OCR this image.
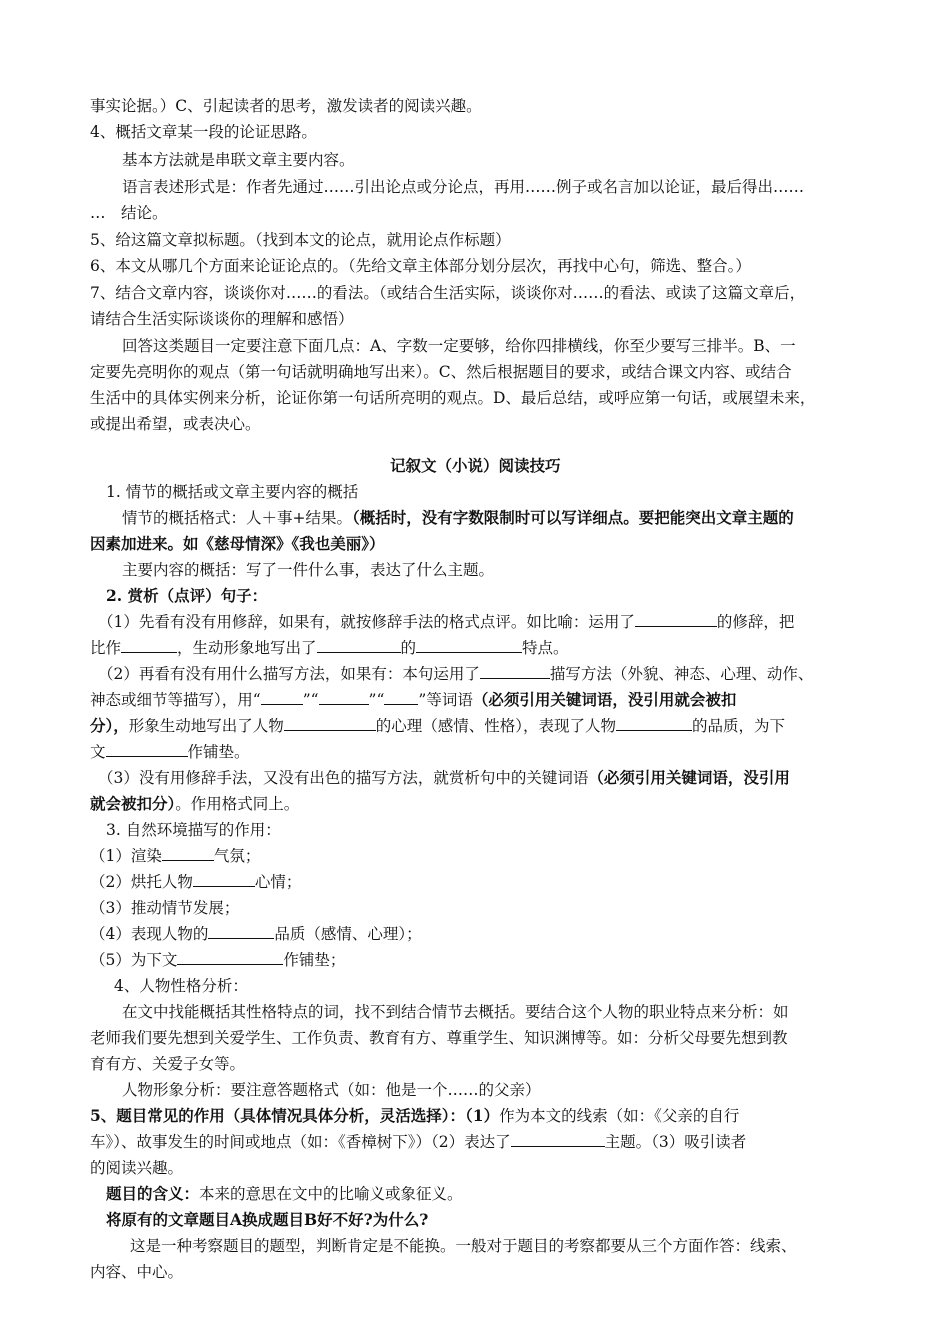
事实论据。）C、引起读者的思考，激发读者的阅读兴趣。
4、概括文章某一段的论证思路。
基本方法就是串联文章主要内容。
语言表述形式是：作者先通过……引出论点或分论点，再用……例子或名言加以论证，最后得出……
…　结论。
5、给这篇文章拟标题。（找到本文的论点，就用论点作标题）
6、本文从哪几个方面来论证论点的。（先给文章主体部分划分层次，再找中心句，筛选、整合。）
7、结合文章内容，谈谈你对……的看法。（或结合生活实际，谈谈你对……的看法、或读了这篇文章后，
请结合生活实际谈谈你的理解和感悟）
回答这类题目一定要注意下面几点：A、字数一定要够，给你四排横线，你至少要写三排半。B、一
定要先亮明你的观点（第一句话就明确地写出来）。C、然后根据题目的要求，或结合课文内容、或结合
生活中的具体实例来分析，论证你第一句话所亮明的观点。D、最后总结，或呼应第一句话，或展望未来，
或提出希望，或表决心。
记叙文（小说）阅读技巧
1. 情节的概括或文章主要内容的概括
情节的概括格式：人＋事+结果。（概括时，没有字数限制时可以写详细点。要把能突出文章主题的
因素加进来。如《慈母情深》《我也美丽》）
主要内容的概括：写了一件什么事，表达了什么主题。
2. 赏析（点评）句子：
（1）先看有没有用修辞，如果有，就按修辞手法的格式点评。如比喻：运用了	的修辞，把
比作	，生动形象地写出了	的	特点。
（2）再看有没有用什么描写方法，如果有：本句运用了	描写方法（外貌、神态、心理、动作、
神态或细节等描写），用“	”“	”“ ”等词语（必须引用关键词语，没引用就会被扣
分），形象生动地写出了人物	的心理（感情、性格），表现了人物	的品质，为下
文	作铺垫。
（3）没有用修辞手法，又没有出色的描写方法，就赏析句中的关键词语（必须引用关键词语，没引用
就会被扣分）。作用格式同上。
3. 自然环境描写的作用：
（1）渲染	气氛；
（2）烘托人物	心情；
（3）推动情节发展；
（4）表现人物的	品质（感情、心理）；
（5）为下文	作铺垫；
4、人物性格分析：
在文中找能概括其性格特点的词，找不到结合情节去概括。要结合这个人物的职业特点来分析：如
老师我们要先想到关爱学生、工作负责、教育有方、尊重学生、知识渊博等。如：分析父母要先想到教
育有方、关爱子女等。
人物形象分析：要注意答题格式（如：他是一个……的父亲）
5、题目常见的作用（具体情况具体分析，灵活选择）：（1）作为本文的线索（如：《父亲的自行
车》）、故事发生的时间或地点（如：《香樟树下》）（2）表达了	主题。（3）吸引读者
的阅读兴趣。
题目的含义：本来的意思在文中的比喻义或象征义。
将原有的文章题目A换成题目B好不好?为什么?
这是一种考察题目的题型，判断肯定是不能换。一般对于题目的考察都要从三个方面作答：线索、
内容、中心。
